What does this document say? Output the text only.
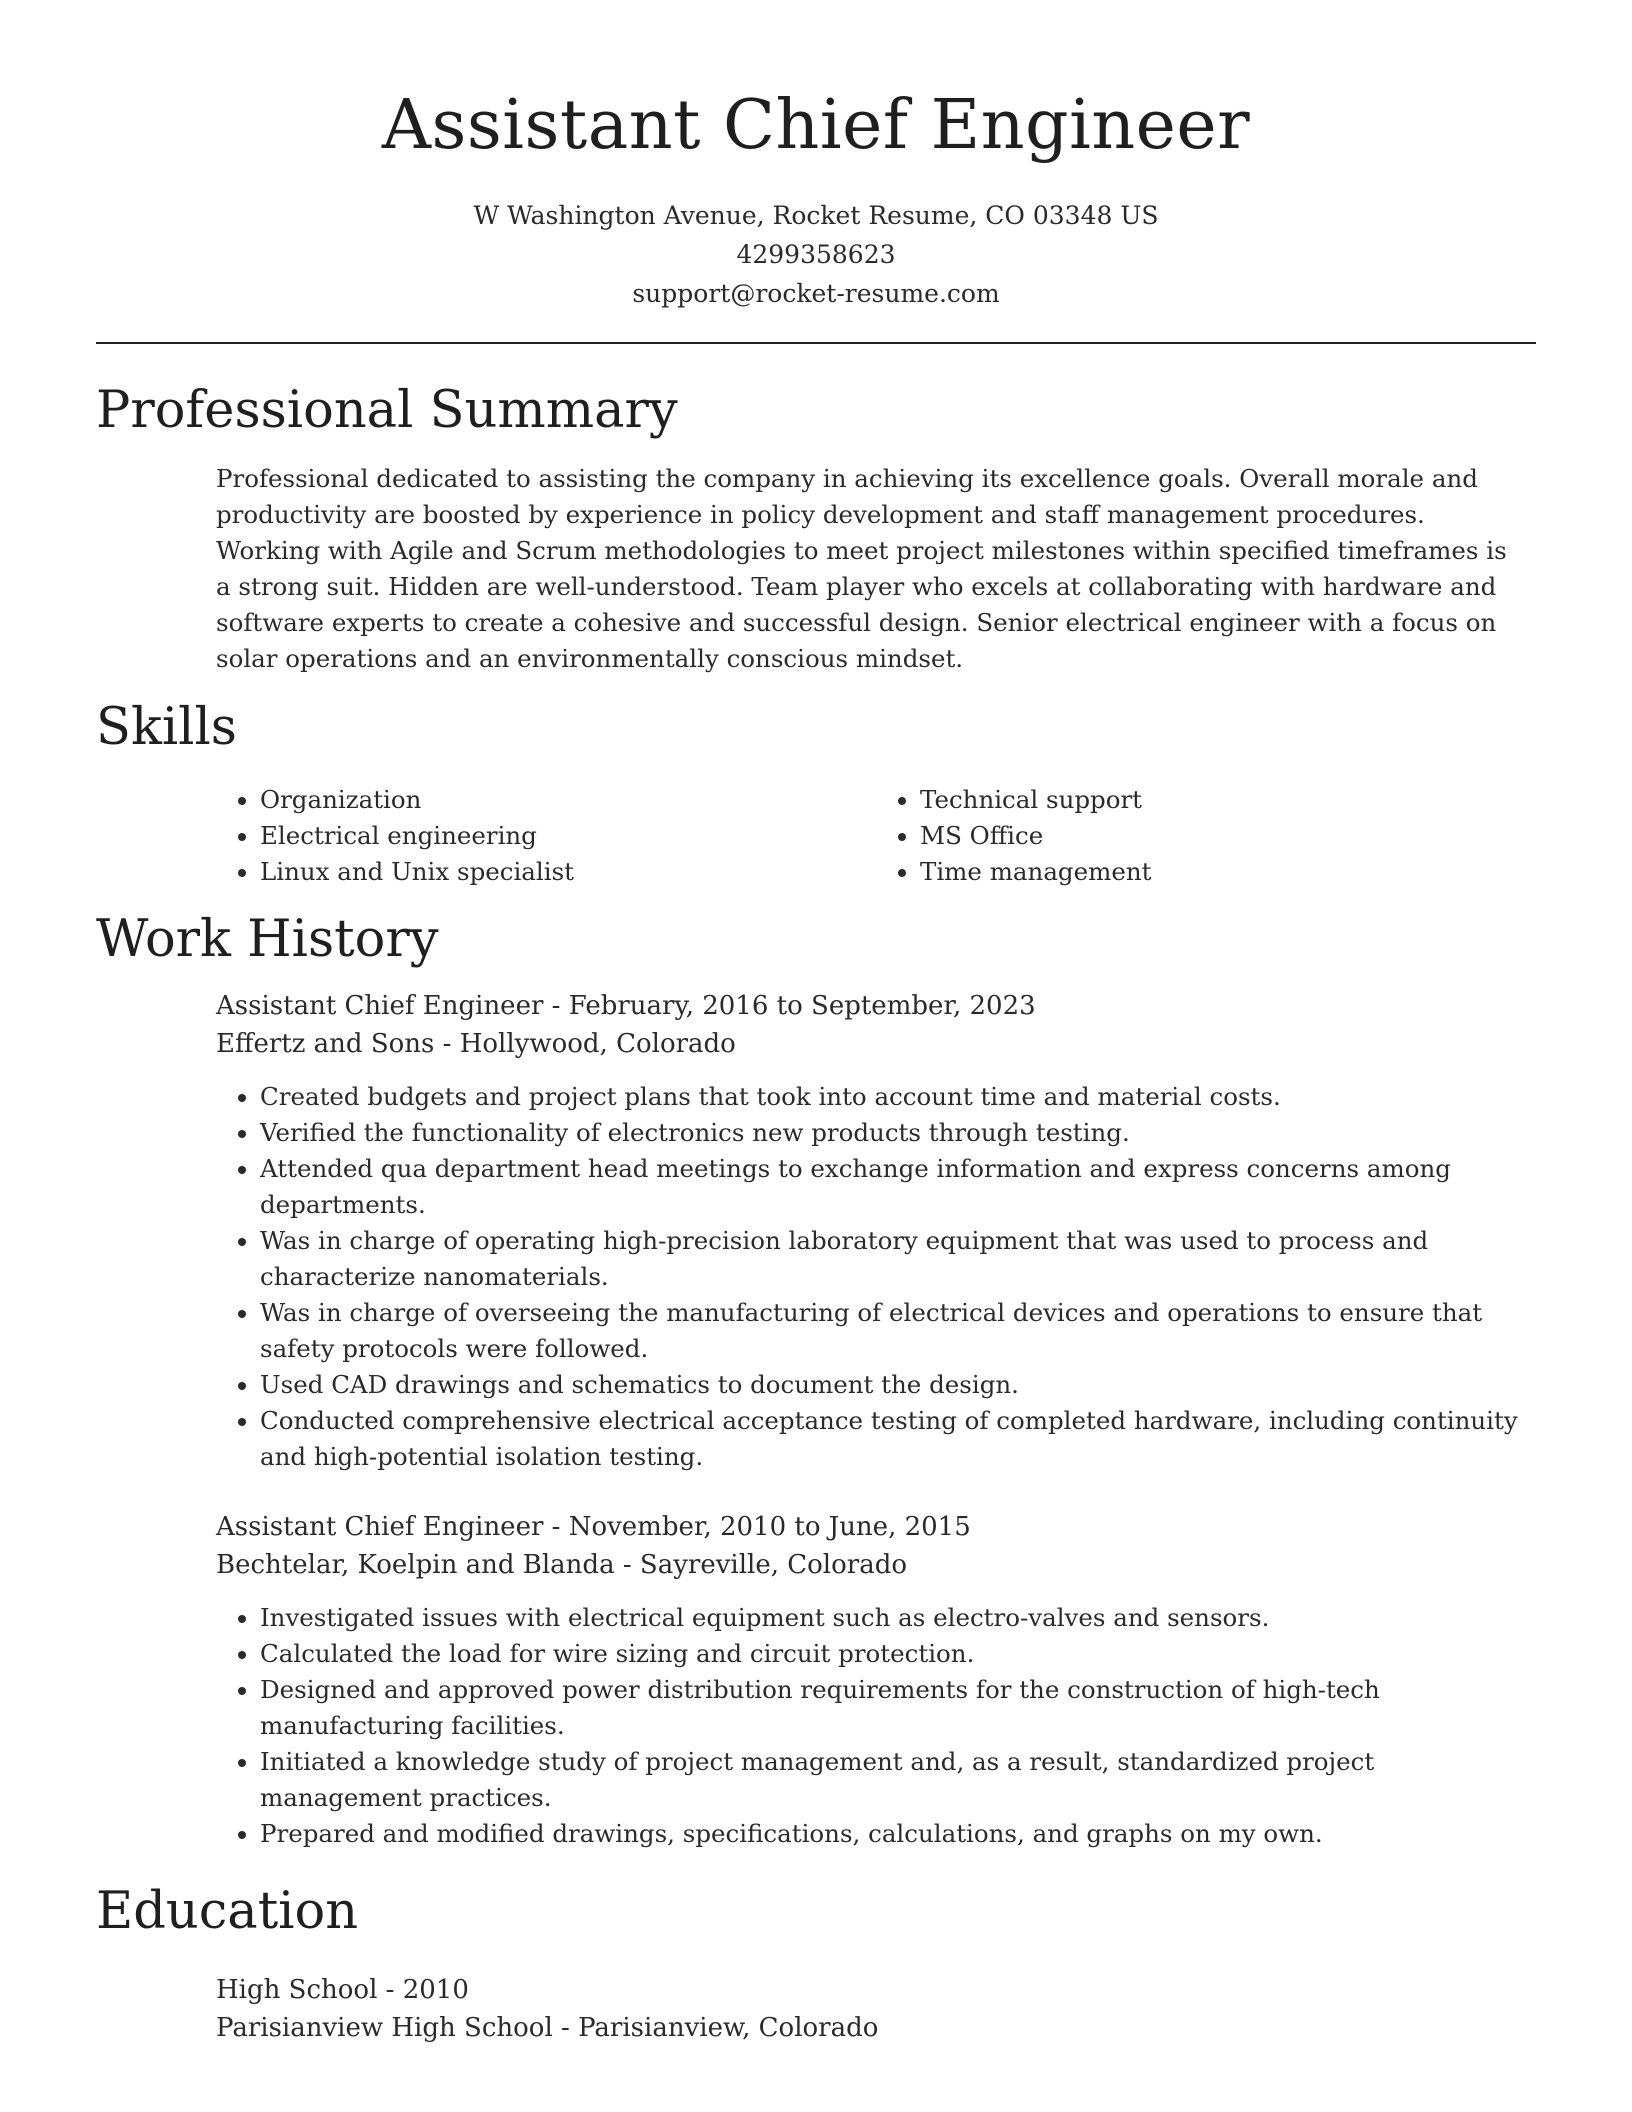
Assistant Chief Engineer
W Washington Avenue, Rocket Resume, CO 03348 US
4299358623
support@rocket-resume.com
Professional Summary

Professional dedicated to assisting the company in achieving its excellence goals. Overall morale and productivity are boosted by experience in policy development and staff management procedures. Working with Agile and Scrum methodologies to meet project milestones within specified timeframes is a strong suit. Hidden are well-understood. Team player who excels at collaborating with hardware and software experts to create a cohesive and successful design. Senior electrical engineer with a focus on solar operations and an environmentally conscious mindset.

Skills
• Organization
• Electrical engineering
• Linux and Unix specialist
• Technical support
• MS Office
• Time management
Work History
Assistant Chief Engineer - February, 2016 to September, 2023
Effertz and Sons - Hollywood, Colorado
• Created budgets and project plans that took into account time and material costs.
• Verified the functionality of electronics new products through testing.
• Attended qua department head meetings to exchange information and express concerns among departments.
• Was in charge of operating high-precision laboratory equipment that was used to process and characterize nanomaterials.
• Was in charge of overseeing the manufacturing of electrical devices and operations to ensure that safety protocols were followed.
• Used CAD drawings and schematics to document the design.
• Conducted comprehensive electrical acceptance testing of completed hardware, including continuity and high-potential isolation testing.
Assistant Chief Engineer - November, 2010 to June, 2015
Bechtelar, Koelpin and Blanda - Sayreville, Colorado
• Investigated issues with electrical equipment such as electro-valves and sensors.
• Calculated the load for wire sizing and circuit protection.
• Designed and approved power distribution requirements for the construction of high-tech manufacturing facilities.
• Initiated a knowledge study of project management and, as a result, standardized project management practices.
• Prepared and modified drawings, specifications, calculations, and graphs on my own.
Education
High School - 2010
Parisianview High School - Parisianview, Colorado
